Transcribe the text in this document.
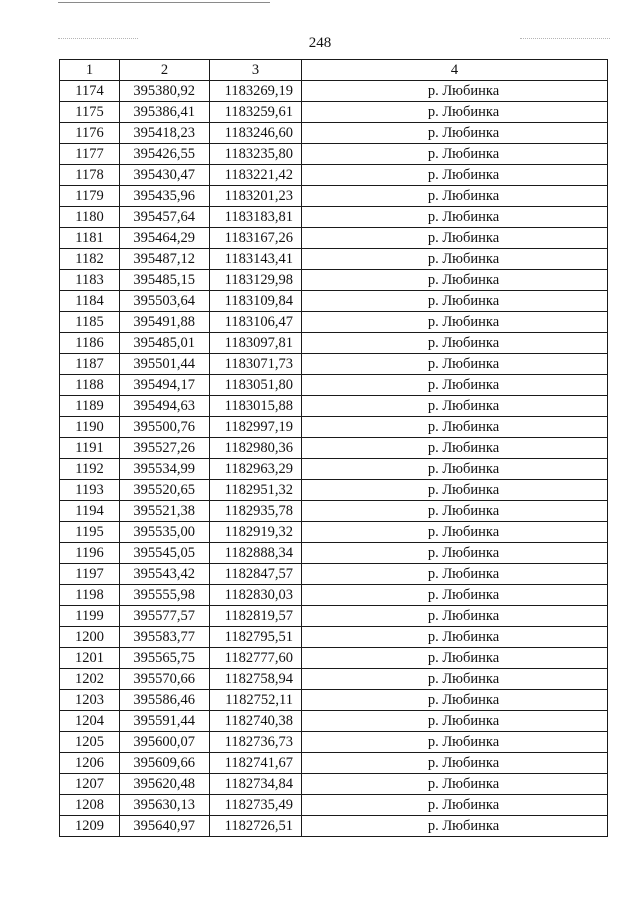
248
1	2	3	4
1174	395380,92	1183269,19	р. Любинка
1175	395386,41	1183259,61	р. Любинка
1176	395418,23	1183246,60	р. Любинка
1177	395426,55	1183235,80	р. Любинка
1178	395430,47	1183221,42	р. Любинка
1179	395435,96	1183201,23	р. Любинка
1180	395457,64	1183183,81	р. Любинка
1181	395464,29	1183167,26	р. Любинка
1182	395487,12	1183143,41	р. Любинка
1183	395485,15	1183129,98	р. Любинка
1184	395503,64	1183109,84	р. Любинка
1185	395491,88	1183106,47	р. Любинка
1186	395485,01	1183097,81	р. Любинка
1187	395501,44	1183071,73	р. Любинка
1188	395494,17	1183051,80	р. Любинка
1189	395494,63	1183015,88	р. Любинка
1190	395500,76	1182997,19	р. Любинка
1191	395527,26	1182980,36	р. Любинка
1192	395534,99	1182963,29	р. Любинка
1193	395520,65	1182951,32	р. Любинка
1194	395521,38	1182935,78	р. Любинка
1195	395535,00	1182919,32	р. Любинка
1196	395545,05	1182888,34	р. Любинка
1197	395543,42	1182847,57	р. Любинка
1198	395555,98	1182830,03	р. Любинка
1199	395577,57	1182819,57	р. Любинка
1200	395583,77	1182795,51	р. Любинка
1201	395565,75	1182777,60	р. Любинка
1202	395570,66	1182758,94	р. Любинка
1203	395586,46	1182752,11	р. Любинка
1204	395591,44	1182740,38	р. Любинка
1205	395600,07	1182736,73	р. Любинка
1206	395609,66	1182741,67	р. Любинка
1207	395620,48	1182734,84	р. Любинка
1208	395630,13	1182735,49	р. Любинка
1209	395640,97	1182726,51	р. Любинка
